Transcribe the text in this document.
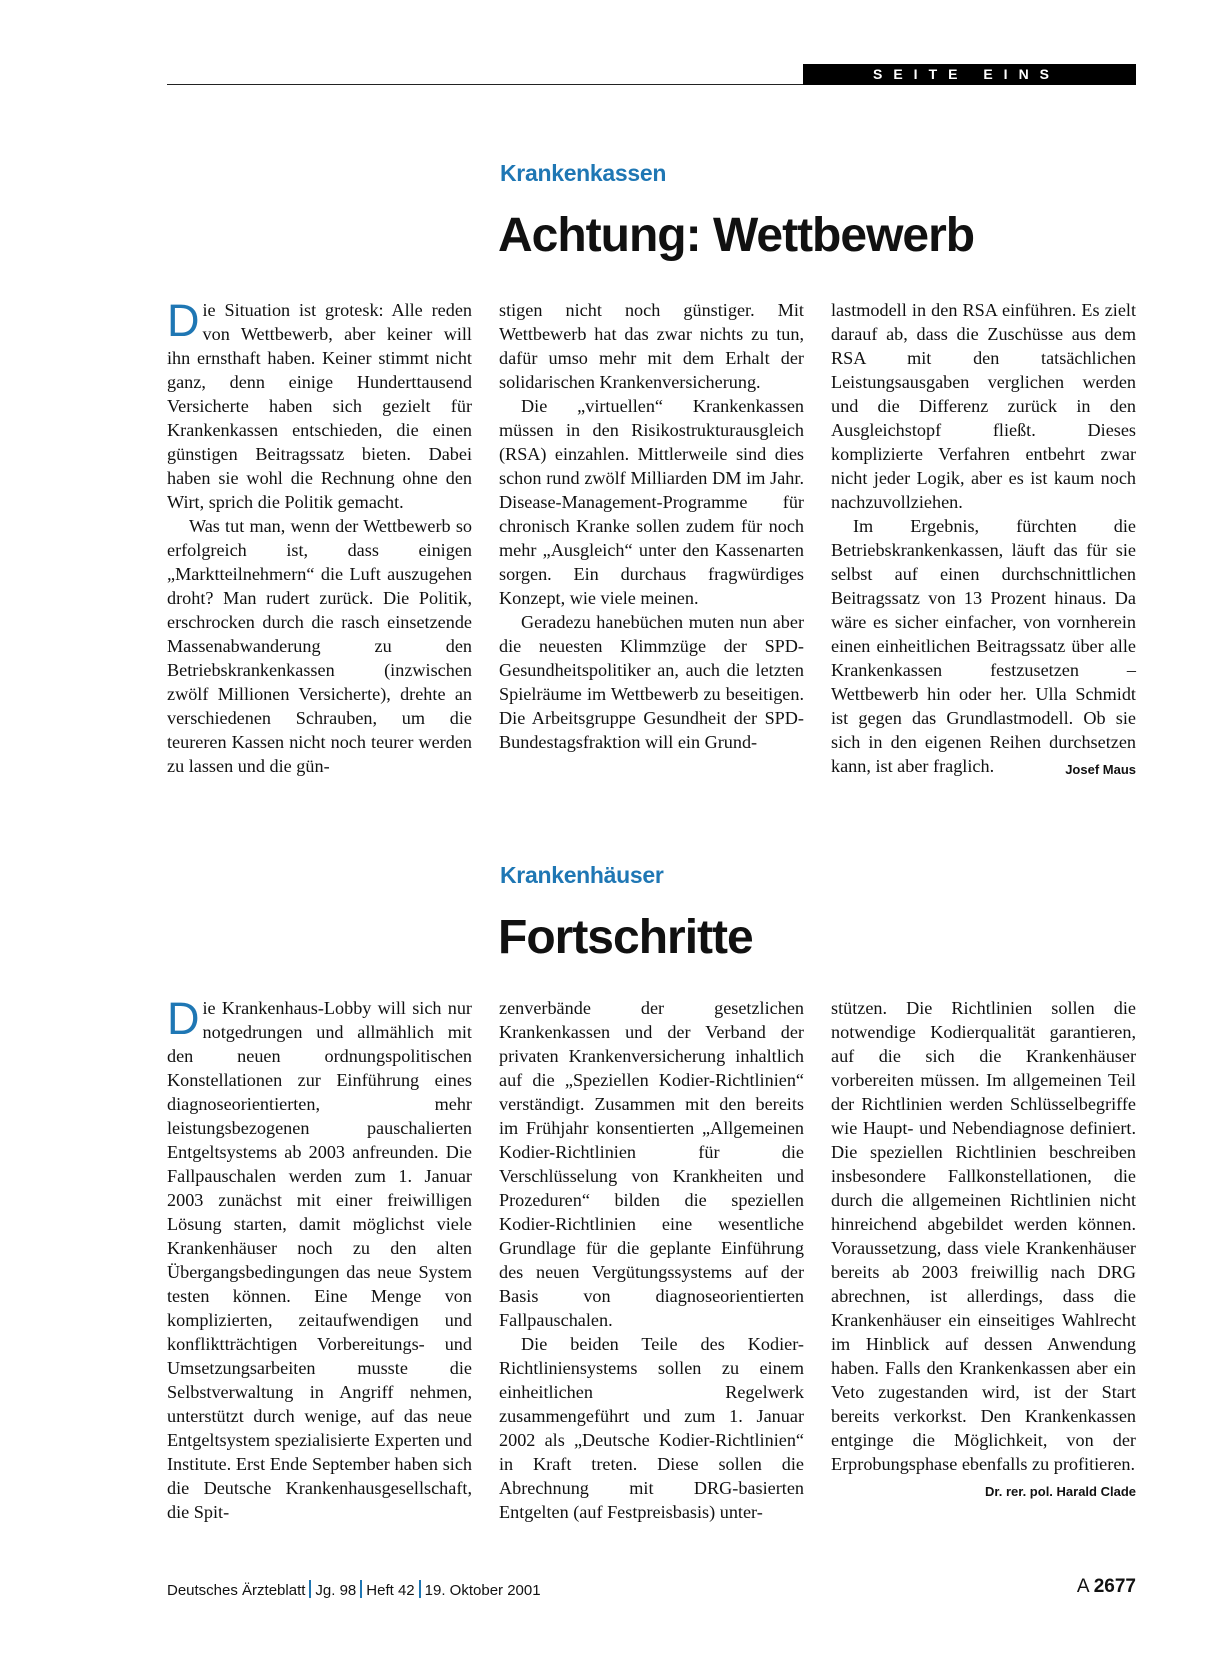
SEITE EINS
Krankenkassen
Achtung: Wettbewerb

Die Situation ist grotesk: Alle reden von Wettbewerb, aber keiner will ihn ernsthaft haben. Keiner stimmt nicht ganz, denn einige Hunderttausend Versicherte haben sich gezielt für Krankenkassen entschieden, die einen günstigen Beitragssatz bieten. Dabei haben sie wohl die Rechnung ohne den Wirt, sprich die Politik gemacht.

Was tut man, wenn der Wettbewerb so erfolgreich ist, dass einigen „Marktteilnehmern“ die Luft auszugehen droht? Man rudert zurück. Die Politik, erschrocken durch die rasch einsetzende Massenabwanderung zu den Betriebskrankenkassen (inzwischen zwölf Millionen Versicherte), drehte an verschiedenen Schrauben, um die teureren Kassen nicht noch teurer werden zu lassen und die gün-

stigen nicht noch günstiger. Mit Wettbewerb hat das zwar nichts zu tun, dafür umso mehr mit dem Erhalt der solidarischen Krankenversicherung.

Die „virtuellen“ Krankenkassen müssen in den Risikostrukturausgleich (RSA) einzahlen. Mittlerweile sind dies schon rund zwölf Milliarden DM im Jahr. Disease-Management-Programme für chronisch Kranke sollen zudem für noch mehr „Ausgleich“ unter den Kassenarten sorgen. Ein durchaus fragwürdiges Konzept, wie viele meinen.

Geradezu hanebüchen muten nun aber die neuesten Klimmzüge der SPD-Gesundheitspolitiker an, auch die letzten Spielräume im Wettbewerb zu beseitigen. Die Arbeitsgruppe Gesundheit der SPD-Bundestagsfraktion will ein Grund-

lastmodell in den RSA einführen. Es zielt darauf ab, dass die Zuschüsse aus dem RSA mit den tatsächlichen Leistungsausgaben verglichen werden und die Differenz zurück in den Ausgleichstopf fließt. Dieses komplizierte Verfahren entbehrt zwar nicht jeder Logik, aber es ist kaum noch nachzuvollziehen.

Im Ergebnis, fürchten die Betriebskrankenkassen, läuft das für sie selbst auf einen durchschnittlichen Beitragssatz von 13 Prozent hinaus. Da wäre es sicher einfacher, von vornherein einen einheitlichen Beitragssatz über alle Krankenkassen festzusetzen – Wettbewerb hin oder her. Ulla Schmidt ist gegen das Grundlastmodell. Ob sie sich in den eigenen Reihen durchsetzen kann, ist aber fraglich.	Josef Maus

Krankenhäuser
Fortschritte

Die Krankenhaus-Lobby will sich nur notgedrungen und allmählich mit den neuen ordnungspolitischen Konstellationen zur Einführung eines diagnoseorientierten, mehr leistungsbezogenen pauschalierten Entgeltsystems ab 2003 anfreunden. Die Fallpauschalen werden zum 1. Januar 2003 zunächst mit einer freiwilligen Lösung starten, damit möglichst viele Krankenhäuser noch zu den alten Übergangsbedingungen das neue System testen können. Eine Menge von komplizierten, zeitaufwendigen und konfliktträchtigen Vorbereitungs- und Umsetzungsarbeiten musste die Selbstverwaltung in Angriff nehmen, unterstützt durch wenige, auf das neue Entgeltsystem spezialisierte Experten und Institute. Erst Ende September haben sich die Deutsche Krankenhausgesellschaft, die Spit-

zenverbände der gesetzlichen Krankenkassen und der Verband der privaten Krankenversicherung inhaltlich auf die „Speziellen Kodier-Richtlinien“ verständigt. Zusammen mit den bereits im Frühjahr konsentierten „Allgemeinen Kodier-Richtlinien für die Verschlüsselung von Krankheiten und Prozeduren“ bilden die speziellen Kodier-Richtlinien eine wesentliche Grundlage für die geplante Einführung des neuen Vergütungssystems auf der Basis von diagnoseorientierten Fallpauschalen.

Die beiden Teile des Kodier-Richtliniensystems sollen zu einem einheitlichen Regelwerk zusammengeführt und zum 1. Januar 2002 als „Deutsche Kodier-Richtlinien“ in Kraft treten. Diese sollen die Abrechnung mit DRG-basierten Entgelten (auf Festpreisbasis) unter-

stützen. Die Richtlinien sollen die notwendige Kodierqualität garantieren, auf die sich die Krankenhäuser vorbereiten müssen. Im allgemeinen Teil der Richtlinien werden Schlüsselbegriffe wie Haupt- und Nebendiagnose definiert. Die speziellen Richtlinien beschreiben insbesondere Fallkonstellationen, die durch die allgemeinen Richtlinien nicht hinreichend abgebildet werden können. Voraussetzung, dass viele Krankenhäuser bereits ab 2003 freiwillig nach DRG abrechnen, ist allerdings, dass die Krankenhäuser ein einseitiges Wahlrecht im Hinblick auf dessen Anwendung haben. Falls den Krankenkassen aber ein Veto zugestanden wird, ist der Start bereits verkorkst. Den Krankenkassen entginge die Möglichkeit, von der Erprobungsphase ebenfalls zu profitieren.
Dr. rer. pol. Harald Clade

Deutsches Ärzteblatt Jg. 98 Heft 42 19. Oktober 2001	A 2677
